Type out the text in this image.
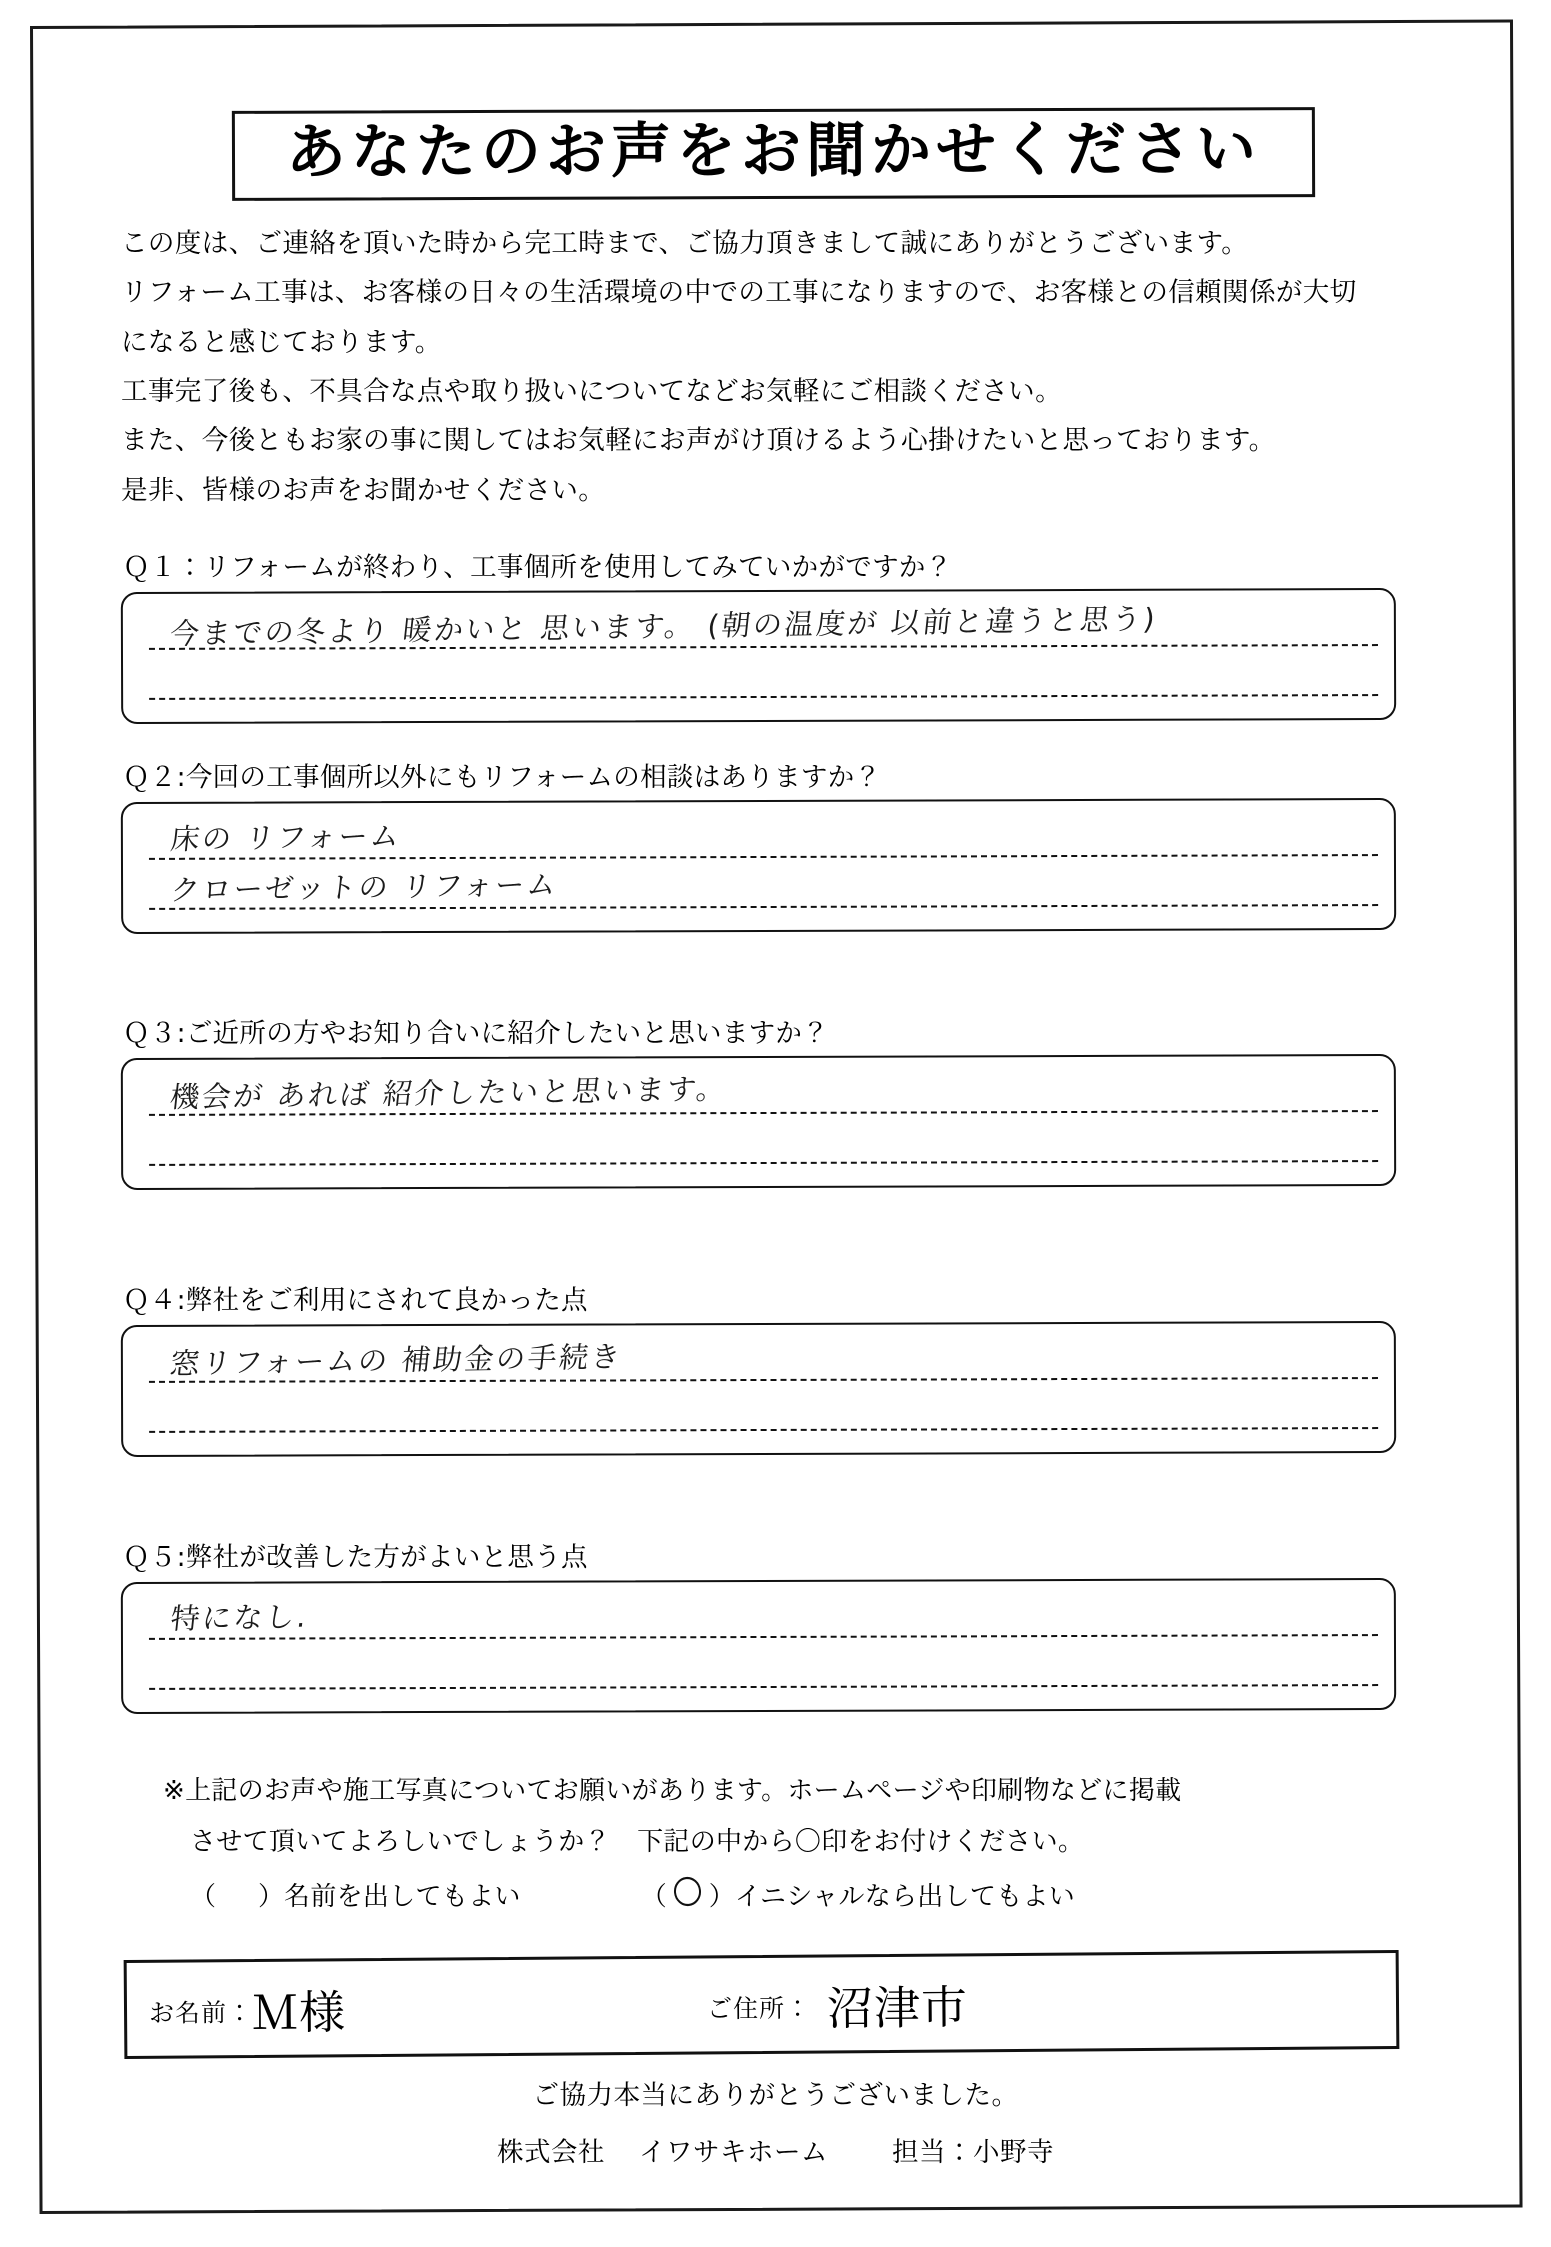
あなたのお声をお聞かせください

この度は、ご連絡を頂いた時から完工時まで、ご協力頂きまして誠にありがとうございます。

リフォーム工事は、お客様の日々の生活環境の中での工事になりますので、お客様との信頼関係が大切

になると感じております。

工事完了後も、不具合な点や取り扱いについてなどお気軽にご相談ください。

また、今後ともお家の事に関してはお気軽にお声がけ頂けるよう心掛けたいと思っております。

是非、皆様のお声をお聞かせください。

Ｑ１：リフォームが終わり、工事個所を使用してみていかがですか？

今までの冬より 暖かいと 思います。 (朝の温度が 以前と違うと思う)

Ｑ２:今回の工事個所以外にもリフォームの相談はありますか？

床の リフォーム
クローゼットの リフォーム

Ｑ３:ご近所の方やお知り合いに紹介したいと思いますか？

機会が あれば 紹介したいと思います。

Ｑ４:弊社をご利用にされて良かった点

窓リフォームの 補助金の手続き

Ｑ５:弊社が改善した方がよいと思う点

特になし.

※上記のお声や施工写真についてお願いがあります。ホームページや印刷物などに掲載

させて頂いてよろしいでしょうか？　下記の中から〇印をお付けください。

（ ） 名前を出してもよい	（ ） イニシャルなら出してもよい
お名前：
Ｍ様	ご住所： 沼津市

ご協力本当にありがとうございました。

株式会社 イワサキホーム 担当：小野寺
